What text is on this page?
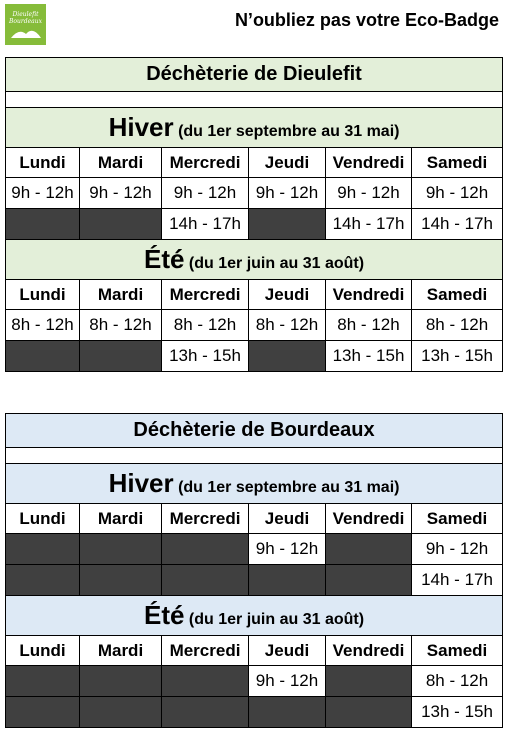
Dieulefit
Bourdeaux	N’oubliez pas votre Eco-Badge
Déchèterie de Dieulefit					

Hiver (du 1er septembre au 31 mai)					
Lundi	Mardi	Mercredi	Jeudi	Vendredi	Samedi
9h - 12h	9h - 12h	9h - 12h	9h - 12h	9h - 12h	9h - 12h
		14h - 17h		14h - 17h	14h - 17h
Été (du 1er juin au 31 août)					
Lundi	Mardi	Mercredi	Jeudi	Vendredi	Samedi
8h - 12h	8h - 12h	8h - 12h	8h - 12h	8h - 12h	8h - 12h
		13h - 15h		13h - 15h	13h - 15h
Déchèterie de Bourdeaux					

Hiver (du 1er septembre au 31 mai)					
Lundi	Mardi	Mercredi	Jeudi	Vendredi	Samedi
			9h - 12h		9h - 12h
					14h - 17h
Été (du 1er juin au 31 août)					
Lundi	Mardi	Mercredi	Jeudi	Vendredi	Samedi
			9h - 12h		8h - 12h
					13h - 15h
